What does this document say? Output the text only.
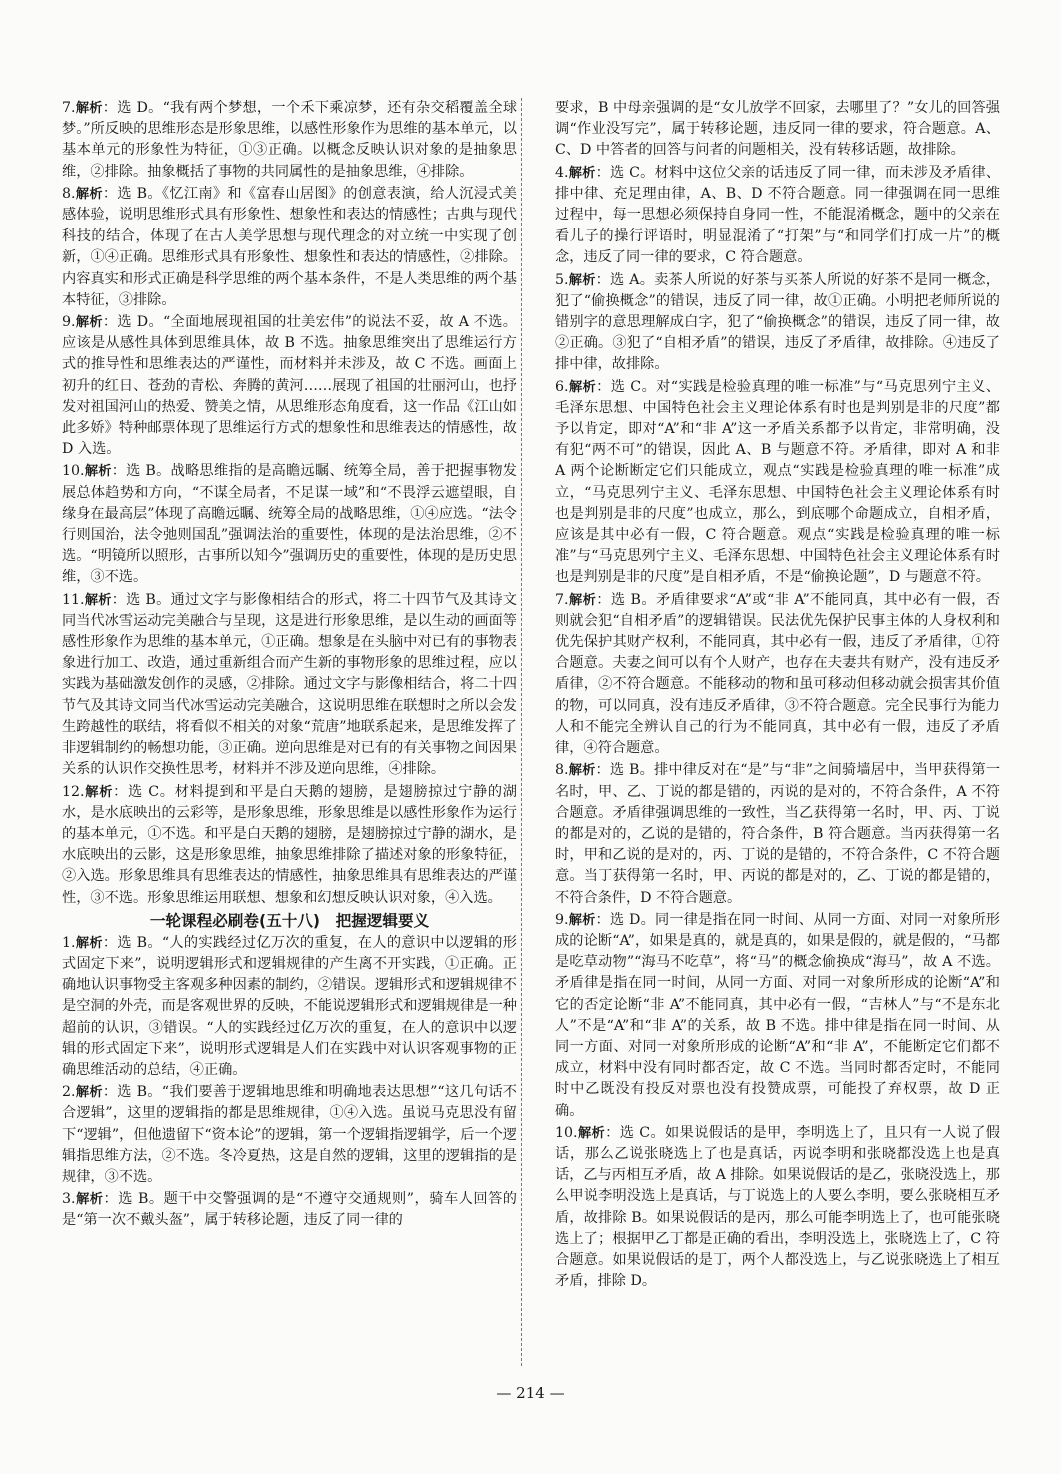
7.解析：选 D。“我有两个梦想，一个禾下乘凉梦，还有杂交稻覆盖全球梦。”所反映的思维形态是形象思维，以感性形象作为思维的基本单元，以基本单元的形象性为特征，①③正确。以概念反映认识对象的是抽象思维，②排除。抽象概括了事物的共同属性的是抽象思维，④排除。
8.解析：选 B。《忆江南》和《富春山居图》的创意表演，给人沉浸式美感体验，说明思维形式具有形象性、想象性和表达的情感性；古典与现代科技的结合，体现了在古人美学思想与现代理念的对立统一中实现了创新，①④正确。思维形式具有形象性、想象性和表达的情感性，②排除。内容真实和形式正确是科学思维的两个基本条件，不是人类思维的两个基本特征，③排除。
9.解析：选 D。“全面地展现祖国的壮美宏伟”的说法不妥，故 A 不选。应该是从感性具体到思维具体，故 B 不选。抽象思维突出了思维运行方式的推导性和思维表达的严谨性，而材料并未涉及，故 C 不选。画面上初升的红日、苍劲的青松、奔腾的黄河……展现了祖国的壮丽河山，也抒发对祖国河山的热爱、赞美之情，从思维形态角度看，这一作品《江山如此多娇》特种邮票体现了思维运行方式的想象性和思维表达的情感性，故 D 入选。
10.解析：选 B。战略思维指的是高瞻远瞩、统筹全局，善于把握事物发展总体趋势和方向，“不谋全局者，不足谋一域”和“不畏浮云遮望眼，自缘身在最高层”体现了高瞻远瞩、统筹全局的战略思维，①④应选。“法令行则国治，法令弛则国乱”强调法治的重要性，体现的是法治思维，②不选。“明镜所以照形，古事所以知今”强调历史的重要性，体现的是历史思维，③不选。
11.解析：选 B。通过文字与影像相结合的形式，将二十四节气及其诗文同当代冰雪运动完美融合与呈现，这是进行形象思维，是以生动的画面等感性形象作为思维的基本单元，①正确。想象是在头脑中对已有的事物表象进行加工、改造，通过重新组合而产生新的事物形象的思维过程，应以实践为基础激发创作的灵感，②排除。通过文字与影像相结合，将二十四节气及其诗文同当代冰雪运动完美融合，这说明思维在联想时之所以会发生跨越性的联结，将看似不相关的对象“荒唐”地联系起来，是思维发挥了非逻辑制约的畅想功能，③正确。逆向思维是对已有的有关事物之间因果关系的认识作交换性思考，材料并不涉及逆向思维，④排除。
12.解析：选 C。材料提到和平是白天鹅的翅膀，是翅膀掠过宁静的湖水，是水底映出的云彩等，是形象思维，形象思维是以感性形象作为运行的基本单元，①不选。和平是白天鹅的翅膀，是翅膀掠过宁静的湖水，是水底映出的云影，这是形象思维，抽象思维排除了描述对象的形象特征，②入选。形象思维具有思维表达的情感性，抽象思维具有思维表达的严谨性，③不选。形象思维运用联想、想象和幻想反映认识对象，④入选。
一轮课程必刷卷(五十八)　把握逻辑要义
1.解析：选 B。“人的实践经过亿万次的重复，在人的意识中以逻辑的形式固定下来”，说明逻辑形式和逻辑规律的产生离不开实践，①正确。正确地认识事物受主客观多种因素的制约，②错误。逻辑形式和逻辑规律不是空洞的外壳，而是客观世界的反映，不能说逻辑形式和逻辑规律是一种超前的认识，③错误。“人的实践经过亿万次的重复，在人的意识中以逻辑的形式固定下来”，说明形式逻辑是人们在实践中对认识客观事物的正确思维活动的总结，④正确。
2.解析：选 B。“我们要善于逻辑地思维和明确地表达思想”“这几句话不合逻辑”，这里的逻辑指的都是思维规律，①④入选。虽说马克思没有留下“逻辑”，但他遗留下“资本论”的逻辑，第一个逻辑指逻辑学，后一个逻辑指思维方法，②不选。冬冷夏热，这是自然的逻辑，这里的逻辑指的是规律，③不选。
3.解析：选 B。题干中交警强调的是“不遵守交通规则”，骑车人回答的是“第一次不戴头盔”，属于转移论题，违反了同一律的
要求，B 中母亲强调的是“女儿放学不回家，去哪里了？”女儿的回答强调“作业没写完”，属于转移论题，违反同一律的要求，符合题意。A、C、D 中答者的回答与问者的问题相关，没有转移话题，故排除。
4.解析：选 C。材料中这位父亲的话违反了同一律，而未涉及矛盾律、排中律、充足理由律，A、B、D 不符合题意。同一律强调在同一思维过程中，每一思想必须保持自身同一性，不能混淆概念，题中的父亲在看儿子的操行评语时，明显混淆了“打架”与“和同学们打成一片”的概念，违反了同一律的要求，C 符合题意。
5.解析：选 A。卖茶人所说的好茶与买茶人所说的好茶不是同一概念，犯了“偷换概念”的错误，违反了同一律，故①正确。小明把老师所说的错别字的意思理解成白字，犯了“偷换概念”的错误，违反了同一律，故②正确。③犯了“自相矛盾”的错误，违反了矛盾律，故排除。④违反了排中律，故排除。
6.解析：选 C。对“实践是检验真理的唯一标准”与“马克思列宁主义、毛泽东思想、中国特色社会主义理论体系有时也是判别是非的尺度”都予以肯定，即对“A”和“非 A”这一矛盾关系都予以肯定，非常明确，没有犯“两不可”的错误，因此 A、B 与题意不符。矛盾律，即对 A 和非 A 两个论断断定它们只能成立，观点“实践是检验真理的唯一标准”成立，“马克思列宁主义、毛泽东思想、中国特色社会主义理论体系有时也是判别是非的尺度”也成立，那么，到底哪个命题成立，自相矛盾，应该是其中必有一假，C 符合题意。观点“实践是检验真理的唯一标准”与“马克思列宁主义、毛泽东思想、中国特色社会主义理论体系有时也是判别是非的尺度”是自相矛盾，不是“偷换论题”，D 与题意不符。
7.解析：选 B。矛盾律要求“A”或“非 A”不能同真，其中必有一假，否则就会犯“自相矛盾”的逻辑错误。民法优先保护民事主体的人身权利和优先保护其财产权利，不能同真，其中必有一假，违反了矛盾律，①符合题意。夫妻之间可以有个人财产，也存在夫妻共有财产，没有违反矛盾律，②不符合题意。不能移动的物和虽可移动但移动就会损害其价值的物，可以同真，没有违反矛盾律，③不符合题意。完全民事行为能力人和不能完全辨认自己的行为不能同真，其中必有一假，违反了矛盾律，④符合题意。
8.解析：选 B。排中律反对在“是”与“非”之间骑墙居中，当甲获得第一名时，甲、乙、丁说的都是错的，丙说的是对的，不符合条件，A 不符合题意。矛盾律强调思维的一致性，当乙获得第一名时，甲、丙、丁说的都是对的，乙说的是错的，符合条件，B 符合题意。当丙获得第一名时，甲和乙说的是对的，丙、丁说的是错的，不符合条件，C 不符合题意。当丁获得第一名时，甲、丙说的都是对的，乙、丁说的都是错的，不符合条件，D 不符合题意。
9.解析：选 D。同一律是指在同一时间、从同一方面、对同一对象所形成的论断“A”，如果是真的，就是真的，如果是假的，就是假的，“马都是吃草动物”“海马不吃草”，将“马”的概念偷换成“海马”，故 A 不选。矛盾律是指在同一时间，从同一方面、对同一对象所形成的论断“A”和它的否定论断“非 A”不能同真，其中必有一假，“吉林人”与“不是东北人”不是“A”和“非 A”的关系，故 B 不选。排中律是指在同一时间、从同一方面、对同一对象所形成的论断“A”和“非 A”，不能断定它们都不成立，材料中没有同时都否定，故 C 不选。当同时都否定时，不能同时中乙既没有投反对票也没有投赞成票，可能投了弃权票，故 D 正确。
10.解析：选 C。如果说假话的是甲，李明选上了，且只有一人说了假话，那么乙说张晓选上了也是真话，丙说李明和张晓都没选上也是真话，乙与丙相互矛盾，故 A 排除。如果说假话的是乙，张晓没选上，那么甲说李明没选上是真话，与丁说选上的人要么李明，要么张晓相互矛盾，故排除 B。如果说假话的是丙，那么可能李明选上了，也可能张晓选上了；根据甲乙丁都是正确的看出，李明没选上，张晓选上了，C 符合题意。如果说假话的是丁，两个人都没选上，与乙说张晓选上了相互矛盾，排除 D。
— 214 —
